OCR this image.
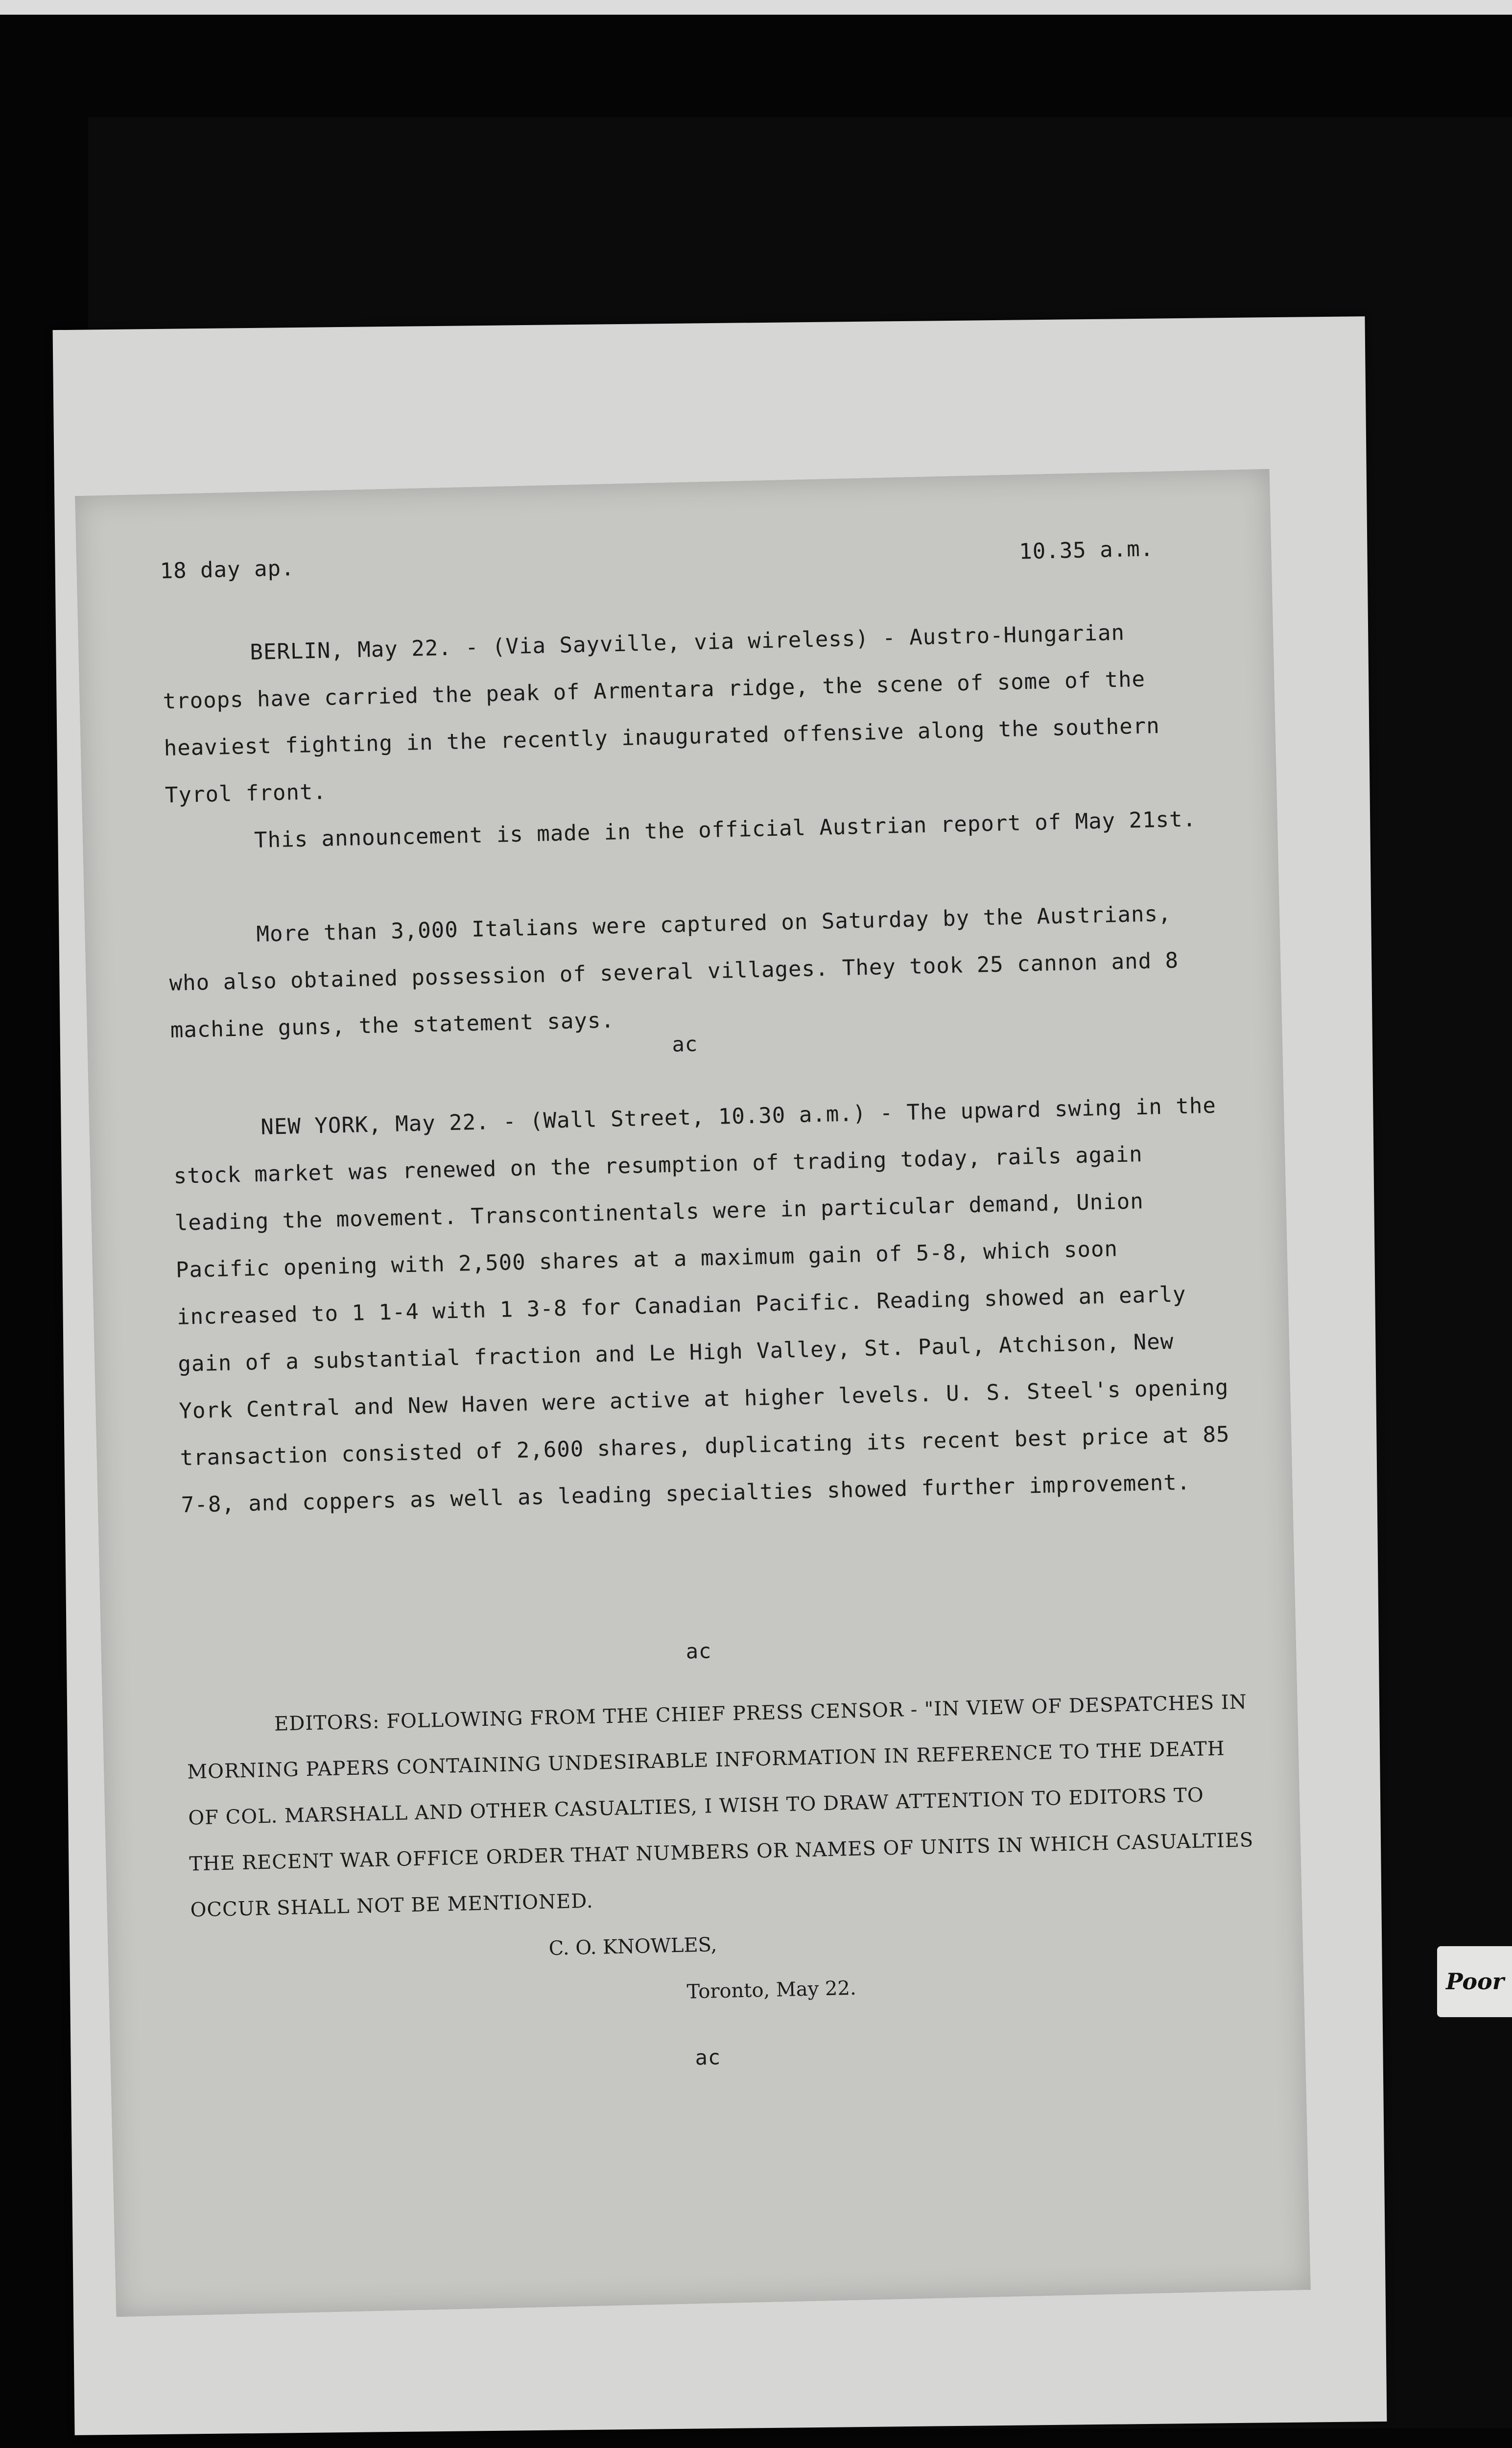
18 day ap.

10.35 a.m.

BERLIN, May 22. - (Via Sayville, via wireless) - Austro-Hungarian troops have carried the peak of Armentara ridge, the scene of some of the heaviest fighting in the recently inaugurated offensive along the southern Tyrol front.

This announcement is made in the official Austrian report of May 21st.

More than 3,000 Italians were captured on Saturday by the Austrians, who also obtained possession of several villages. They took 25 cannon and 8 machine guns, the statement says.

ac

NEW YORK, May 22. - (Wall Street, 10.30 a.m.) - The upward swing in the stock market was renewed on the resumption of trading today, rails again leading the movement. Transcontinentals were in particular demand, Union Pacific opening with 2,500 shares at a maximum gain of 5-8, which soon increased to 1 1-4 with 1 3-8 for Canadian Pacific. Reading showed an early gain of a substantial fraction and Le High Valley, St. Paul, Atchison, New York Central and New Haven were active at higher levels. U. S. Steel's opening transaction consisted of 2,600 shares, duplicating its recent best price at 85 7-8, and coppers as well as leading specialties showed further improvement.

ac

EDITORS: FOLLOWING FROM THE CHIEF PRESS CENSOR - "IN VIEW OF DESPATCHES IN MORNING PAPERS CONTAINING UNDESIRABLE INFORMATION IN REFERENCE TO THE DEATH OF COL. MARSHALL AND OTHER CASUALTIES, I WISH TO DRAW ATTENTION TO EDITORS TO THE RECENT WAR OFFICE ORDER THAT NUMBERS OR NAMES OF UNITS IN WHICH CASUALTIES OCCUR SHALL NOT BE MENTIONED.

C. O. KNOWLES,

Toronto, May 22.

ac

Poor
